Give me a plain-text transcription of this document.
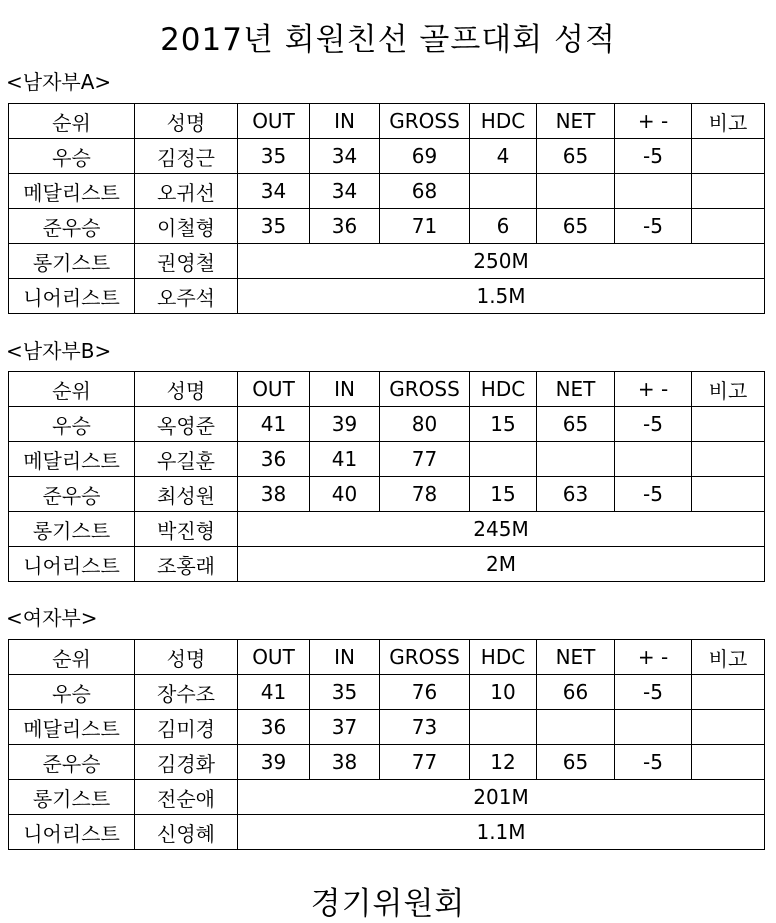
2017년 회원친선 골프대회 성적
<남자부A>
순위	성명	OUT	IN	GROSS	HDC	NET	+ -	비고
우승	김정근	35	34	69	4	65	-5	
메달리스트	오귀선	34	34	68				
준우승	이철형	35	36	71	6	65	-5	
롱기스트	권영철	250M						
니어리스트	오주석	1.5M						
<남자부B>
순위	성명	OUT	IN	GROSS	HDC	NET	+ -	비고
우승	옥영준	41	39	80	15	65	-5	
메달리스트	우길훈	36	41	77				
준우승	최성원	38	40	78	15	63	-5	
롱기스트	박진형	245M						
니어리스트	조홍래	2M						
<여자부>
순위	성명	OUT	IN	GROSS	HDC	NET	+ -	비고
우승	장수조	41	35	76	10	66	-5	
메달리스트	김미경	36	37	73				
준우승	김경화	39	38	77	12	65	-5	
롱기스트	전순애	201M						
니어리스트	신영혜	1.1M						
경기위원회
